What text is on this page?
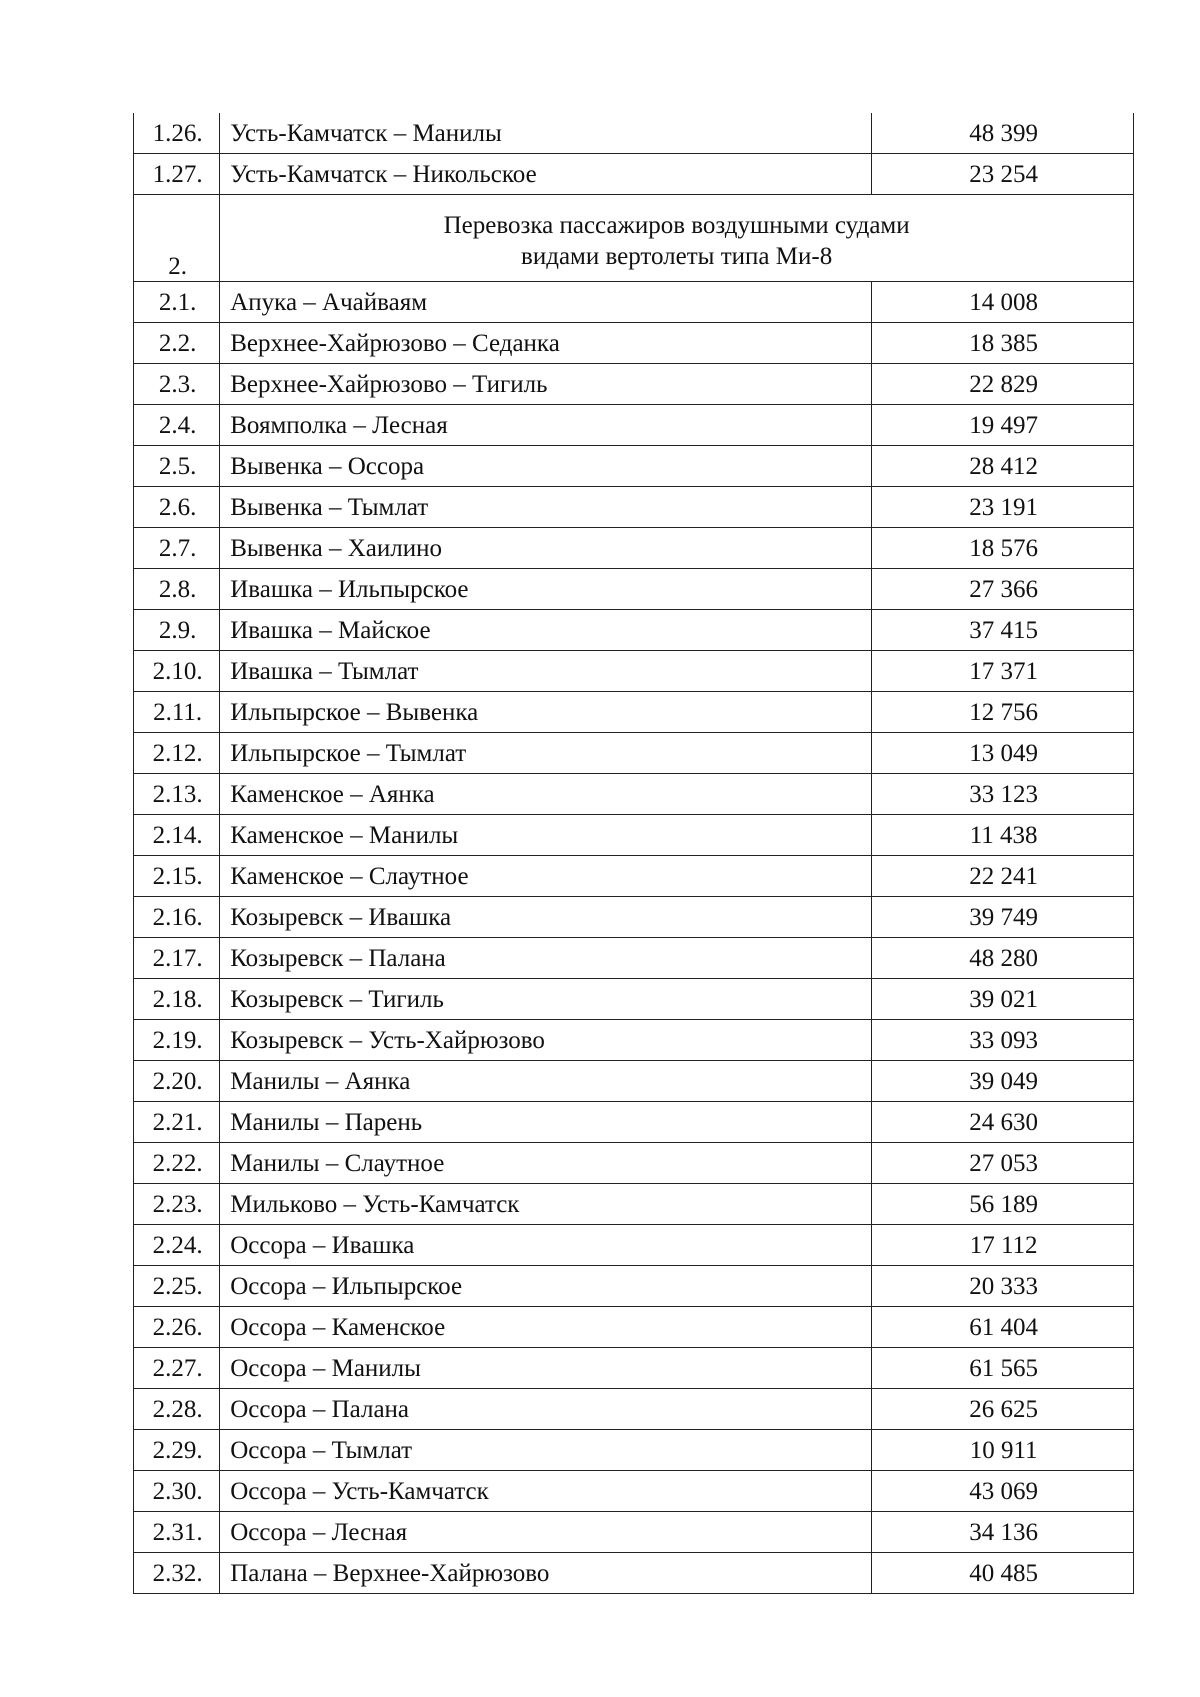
1.26.	Усть-Камчатск – Манилы	48 399
1.27.	Усть-Камчатск – Никольское	23 254
2.	Перевозка пассажиров воздушными судами
видами вертолеты типа Ми-8	

2.1.	Апука – Ачайваям	14 008
2.2.	Верхнее-Хайрюзово – Седанка	18 385
2.3.	Верхнее-Хайрюзово – Тигиль	22 829
2.4.	Воямполка – Лесная	19 497
2.5.	Вывенка – Оссора	28 412
2.6.	Вывенка – Тымлат	23 191
2.7.	Вывенка – Хаилино	18 576
2.8.	Ивашка – Ильпырское	27 366
2.9.	Ивашка – Майское	37 415
2.10.	Ивашка – Тымлат	17 371
2.11.	Ильпырское – Вывенка	12 756
2.12.	Ильпырское – Тымлат	13 049
2.13.	Каменское – Аянка	33 123
2.14.	Каменское – Манилы	11 438
2.15.	Каменское – Слаутное	22 241
2.16.	Козыревск – Ивашка	39 749
2.17.	Козыревск – Палана	48 280
2.18.	Козыревск – Тигиль	39 021
2.19.	Козыревск – Усть-Хайрюзово	33 093
2.20.	Манилы – Аянка	39 049
2.21.	Манилы – Парень	24 630
2.22.	Манилы – Слаутное	27 053
2.23.	Мильково – Усть-Камчатск	56 189
2.24.	Оссора – Ивашка	17 112
2.25.	Оссора – Ильпырское	20 333
2.26.	Оссора – Каменское	61 404
2.27.	Оссора – Манилы	61 565
2.28.	Оссора – Палана	26 625
2.29.	Оссора – Тымлат	10 911
2.30.	Оссора – Усть-Камчатск	43 069
2.31.	Оссора – Лесная	34 136
2.32.	Палана – Верхнее-Хайрюзово	40 485
